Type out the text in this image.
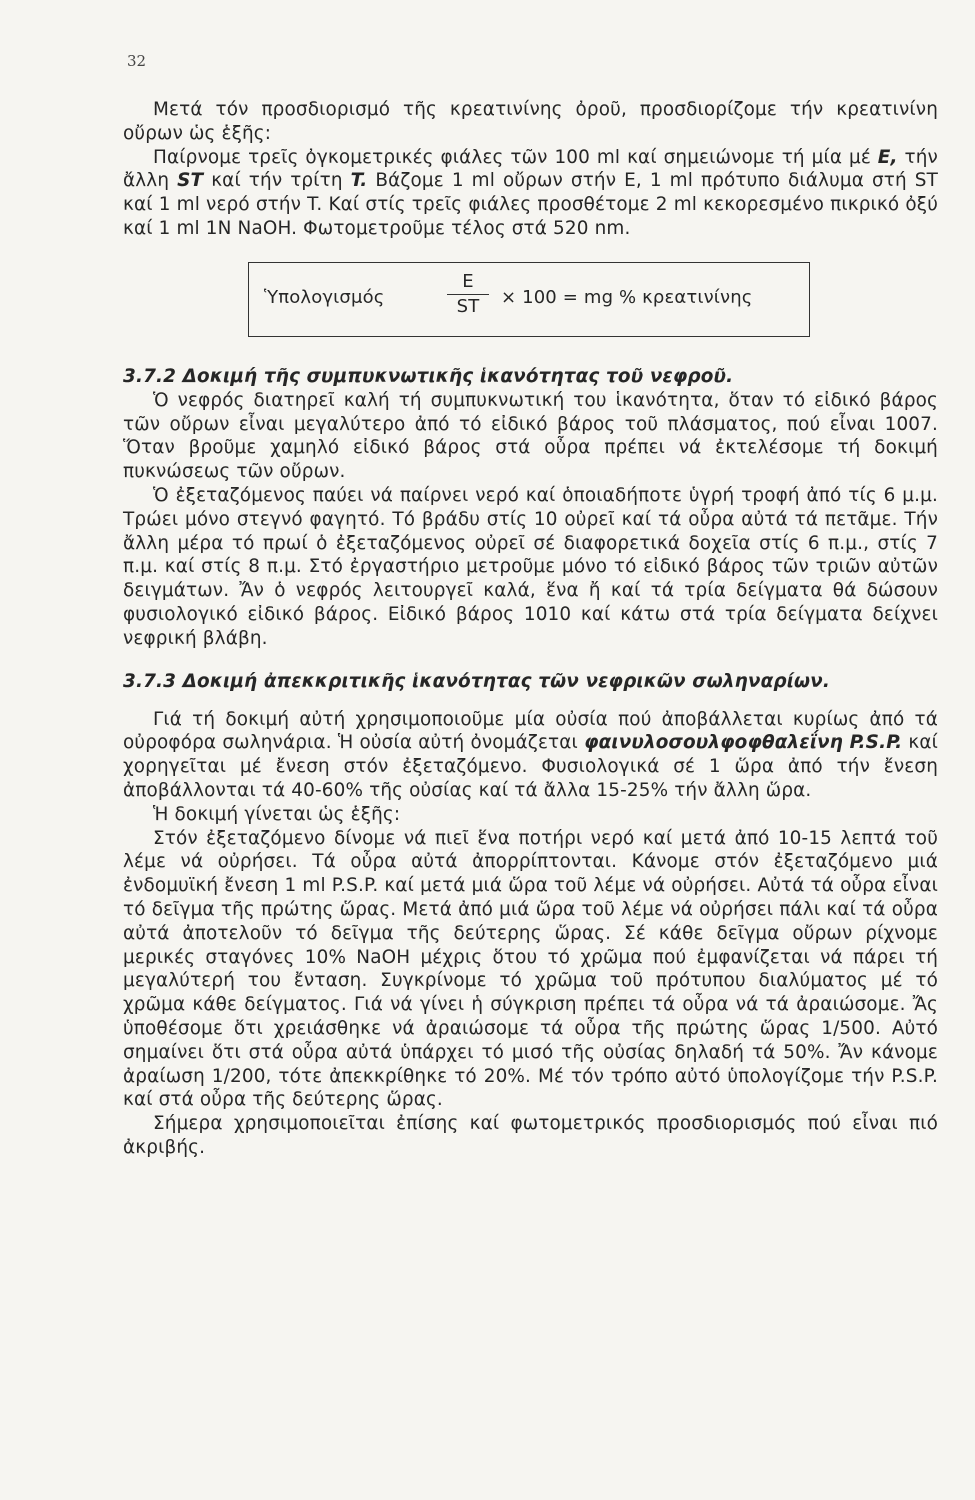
32

Μετά τόν προσδιορισμό τῆς κρεατινίνης ὀροῦ, προσδιορίζομε τήν κρεατινίνη οὔρων ὡς ἑξῆς:

Παίρνομε τρεῖς ὀγκομετρικές φιάλες τῶν 100 ml καί σημειώνομε τή μία μέ E, τήν ἄλλη ST καί τήν τρίτη T. Βάζομε 1 ml οὔρων στήν E, 1 ml πρότυπο διάλυμα στή ST καί 1 ml νερό στήν T. Καί στίς τρεῖς φιάλες προσθέτομε 2 ml κεκορεσμένο πικρικό ὀξύ καί 1 ml 1N NaOH. Φωτομετροῦμε τέλος στά 520 nm.

Ὑπολογισμός
E
ST	× 100 = mg % κρεατινίνης
3.7.2 Δοκιμή τῆς συμπυκνωτικῆς ἱκανότητας τοῦ νεφροῦ.

Ὁ νεφρός διατηρεῖ καλή τή συμπυκνωτική του ἱκανότητα, ὅταν τό εἰδικό βάρος τῶν οὔρων εἶναι μεγαλύτερο ἀπό τό εἰδικό βάρος τοῦ πλάσματος, πού εἶναι 1007. Ὅταν βροῦμε χαμηλό εἰδικό βάρος στά οὖρα πρέπει νά ἐκτελέσομε τή δοκιμή πυκνώσεως τῶν οὔρων.

Ὁ ἐξεταζόμενος παύει νά παίρνει νερό καί ὁποιαδήποτε ὑγρή τροφή ἀπό τίς 6 μ.μ. Τρώει μόνο στεγνό φαγητό. Τό βράδυ στίς 10 οὐρεῖ καί τά οὖρα αὐτά τά πετᾶμε. Τήν ἄλλη μέρα τό πρωί ὁ ἐξεταζόμενος οὐρεῖ σέ διαφορετικά δοχεῖα στίς 6 π.μ., στίς 7 π.μ. καί στίς 8 π.μ. Στό ἐργαστήριο μετροῦμε μόνο τό εἰδικό βάρος τῶν τριῶν αὐτῶν δειγμάτων. Ἄν ὁ νεφρός λειτουργεῖ καλά, ἕνα ἤ καί τά τρία δείγματα θά δώσουν φυσιολογικό εἰδικό βάρος. Εἰδικό βάρος 1010 καί κάτω στά τρία δείγματα δείχνει νεφρική βλάβη.

3.7.3 Δοκιμή ἀπεκκριτικῆς ἱκανότητας τῶν νεφρικῶν σωληναρίων.

Γιά τή δοκιμή αὐτή χρησιμοποιοῦμε μία οὐσία πού ἀποβάλλεται κυρίως ἀπό τά οὐροφόρα σωληνάρια. Ἡ οὐσία αὐτή ὀνομάζεται φαινυλοσουλφοφθαλεΐνη P.S.P. καί χορηγεῖται μέ ἔνεση στόν ἐξεταζόμενο. Φυσιολογικά σέ 1 ὥρα ἀπό τήν ἔνεση ἀποβάλλονται τά 40-60% τῆς οὐσίας καί τά ἄλλα 15-25% τήν ἄλλη ὥρα.

Ἡ δοκιμή γίνεται ὡς ἑξῆς:

Στόν ἐξεταζόμενο δίνομε νά πιεῖ ἕνα ποτήρι νερό καί μετά ἀπό 10-15 λεπτά τοῦ λέμε νά οὐρήσει. Τά οὖρα αὐτά ἀπορρίπτονται. Κάνομε στόν ἐξεταζόμενο μιά ἐνδομυϊκή ἔνεση 1 ml P.S.P. καί μετά μιά ὥρα τοῦ λέμε νά οὐρήσει. Αὐτά τά οὖρα εἶναι τό δεῖγμα τῆς πρώτης ὥρας. Μετά ἀπό μιά ὥρα τοῦ λέμε νά οὐρήσει πάλι καί τά οὖρα αὐτά ἀποτελοῦν τό δεῖγμα τῆς δεύτερης ὥρας. Σέ κάθε δεῖγμα οὔρων ρίχνομε μερικές σταγόνες 10% NaOH μέχρις ὅτου τό χρῶμα πού ἐμφανίζεται νά πάρει τή μεγαλύτερή του ἔνταση. Συγκρίνομε τό χρῶμα τοῦ πρότυπου διαλύματος μέ τό χρῶμα κάθε δείγματος. Γιά νά γίνει ἡ σύγκριση πρέπει τά οὖρα νά τά ἀραιώσομε. Ἄς ὑποθέσομε ὅτι χρειάσθηκε νά ἀραιώσομε τά οὖρα τῆς πρώτης ὥρας 1/500. Αὐτό σημαίνει ὅτι στά οὖρα αὐτά ὑπάρχει τό μισό τῆς οὐσίας δηλαδή τά 50%. Ἄν κάνομε ἀραίωση 1/200, τότε ἀπεκκρίθηκε τό 20%. Μέ τόν τρόπο αὐτό ὑπολογίζομε τήν P.S.P. καί στά οὖρα τῆς δεύτερης ὥρας.

Σήμερα χρησιμοποιεῖται ἐπίσης καί φωτομετρικός προσδιορισμός πού εἶναι πιό ἀκριβής.
